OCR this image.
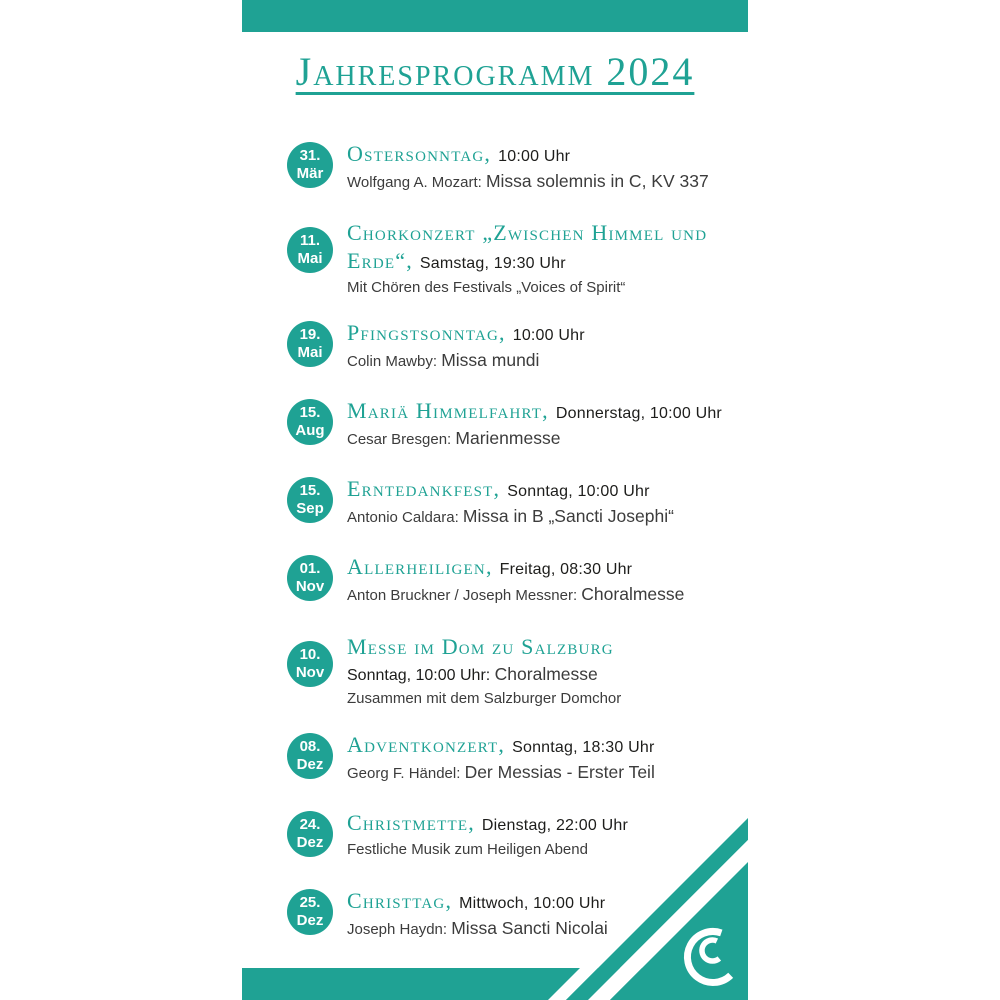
Jahresprogramm 2024
31.
Mär
Ostersonntag, 10:00 Uhr
Wolfgang A. Mozart: Missa solemnis in C, KV 337
11.
Mai
Chorkonzert „Zwischen Himmel und Erde“, Samstag, 19:30 Uhr
Mit Chören des Festivals „Voices of Spirit“
19.
Mai
Pfingstsonntag, 10:00 Uhr
Colin Mawby: Missa mundi
15.
Aug
Mariä Himmelfahrt, Donnerstag, 10:00 Uhr
Cesar Bresgen: Marienmesse
15.
Sep
Erntedankfest, Sonntag, 10:00 Uhr
Antonio Caldara: Missa in B „Sancti Josephi“
01.
Nov
Allerheiligen, Freitag, 08:30 Uhr
Anton Bruckner / Joseph Messner: Choralmesse
10.
Nov
Messe im Dom zu Salzburg
Sonntag, 10:00 Uhr: Choralmesse
Zusammen mit dem Salzburger Domchor
08.
Dez
Adventkonzert, Sonntag, 18:30 Uhr
Georg F. Händel: Der Messias - Erster Teil
24.
Dez
Christmette, Dienstag, 22:00 Uhr
Festliche Musik zum Heiligen Abend
25.
Dez
Christtag, Mittwoch, 10:00 Uhr
Joseph Haydn: Missa Sancti Nicolai
